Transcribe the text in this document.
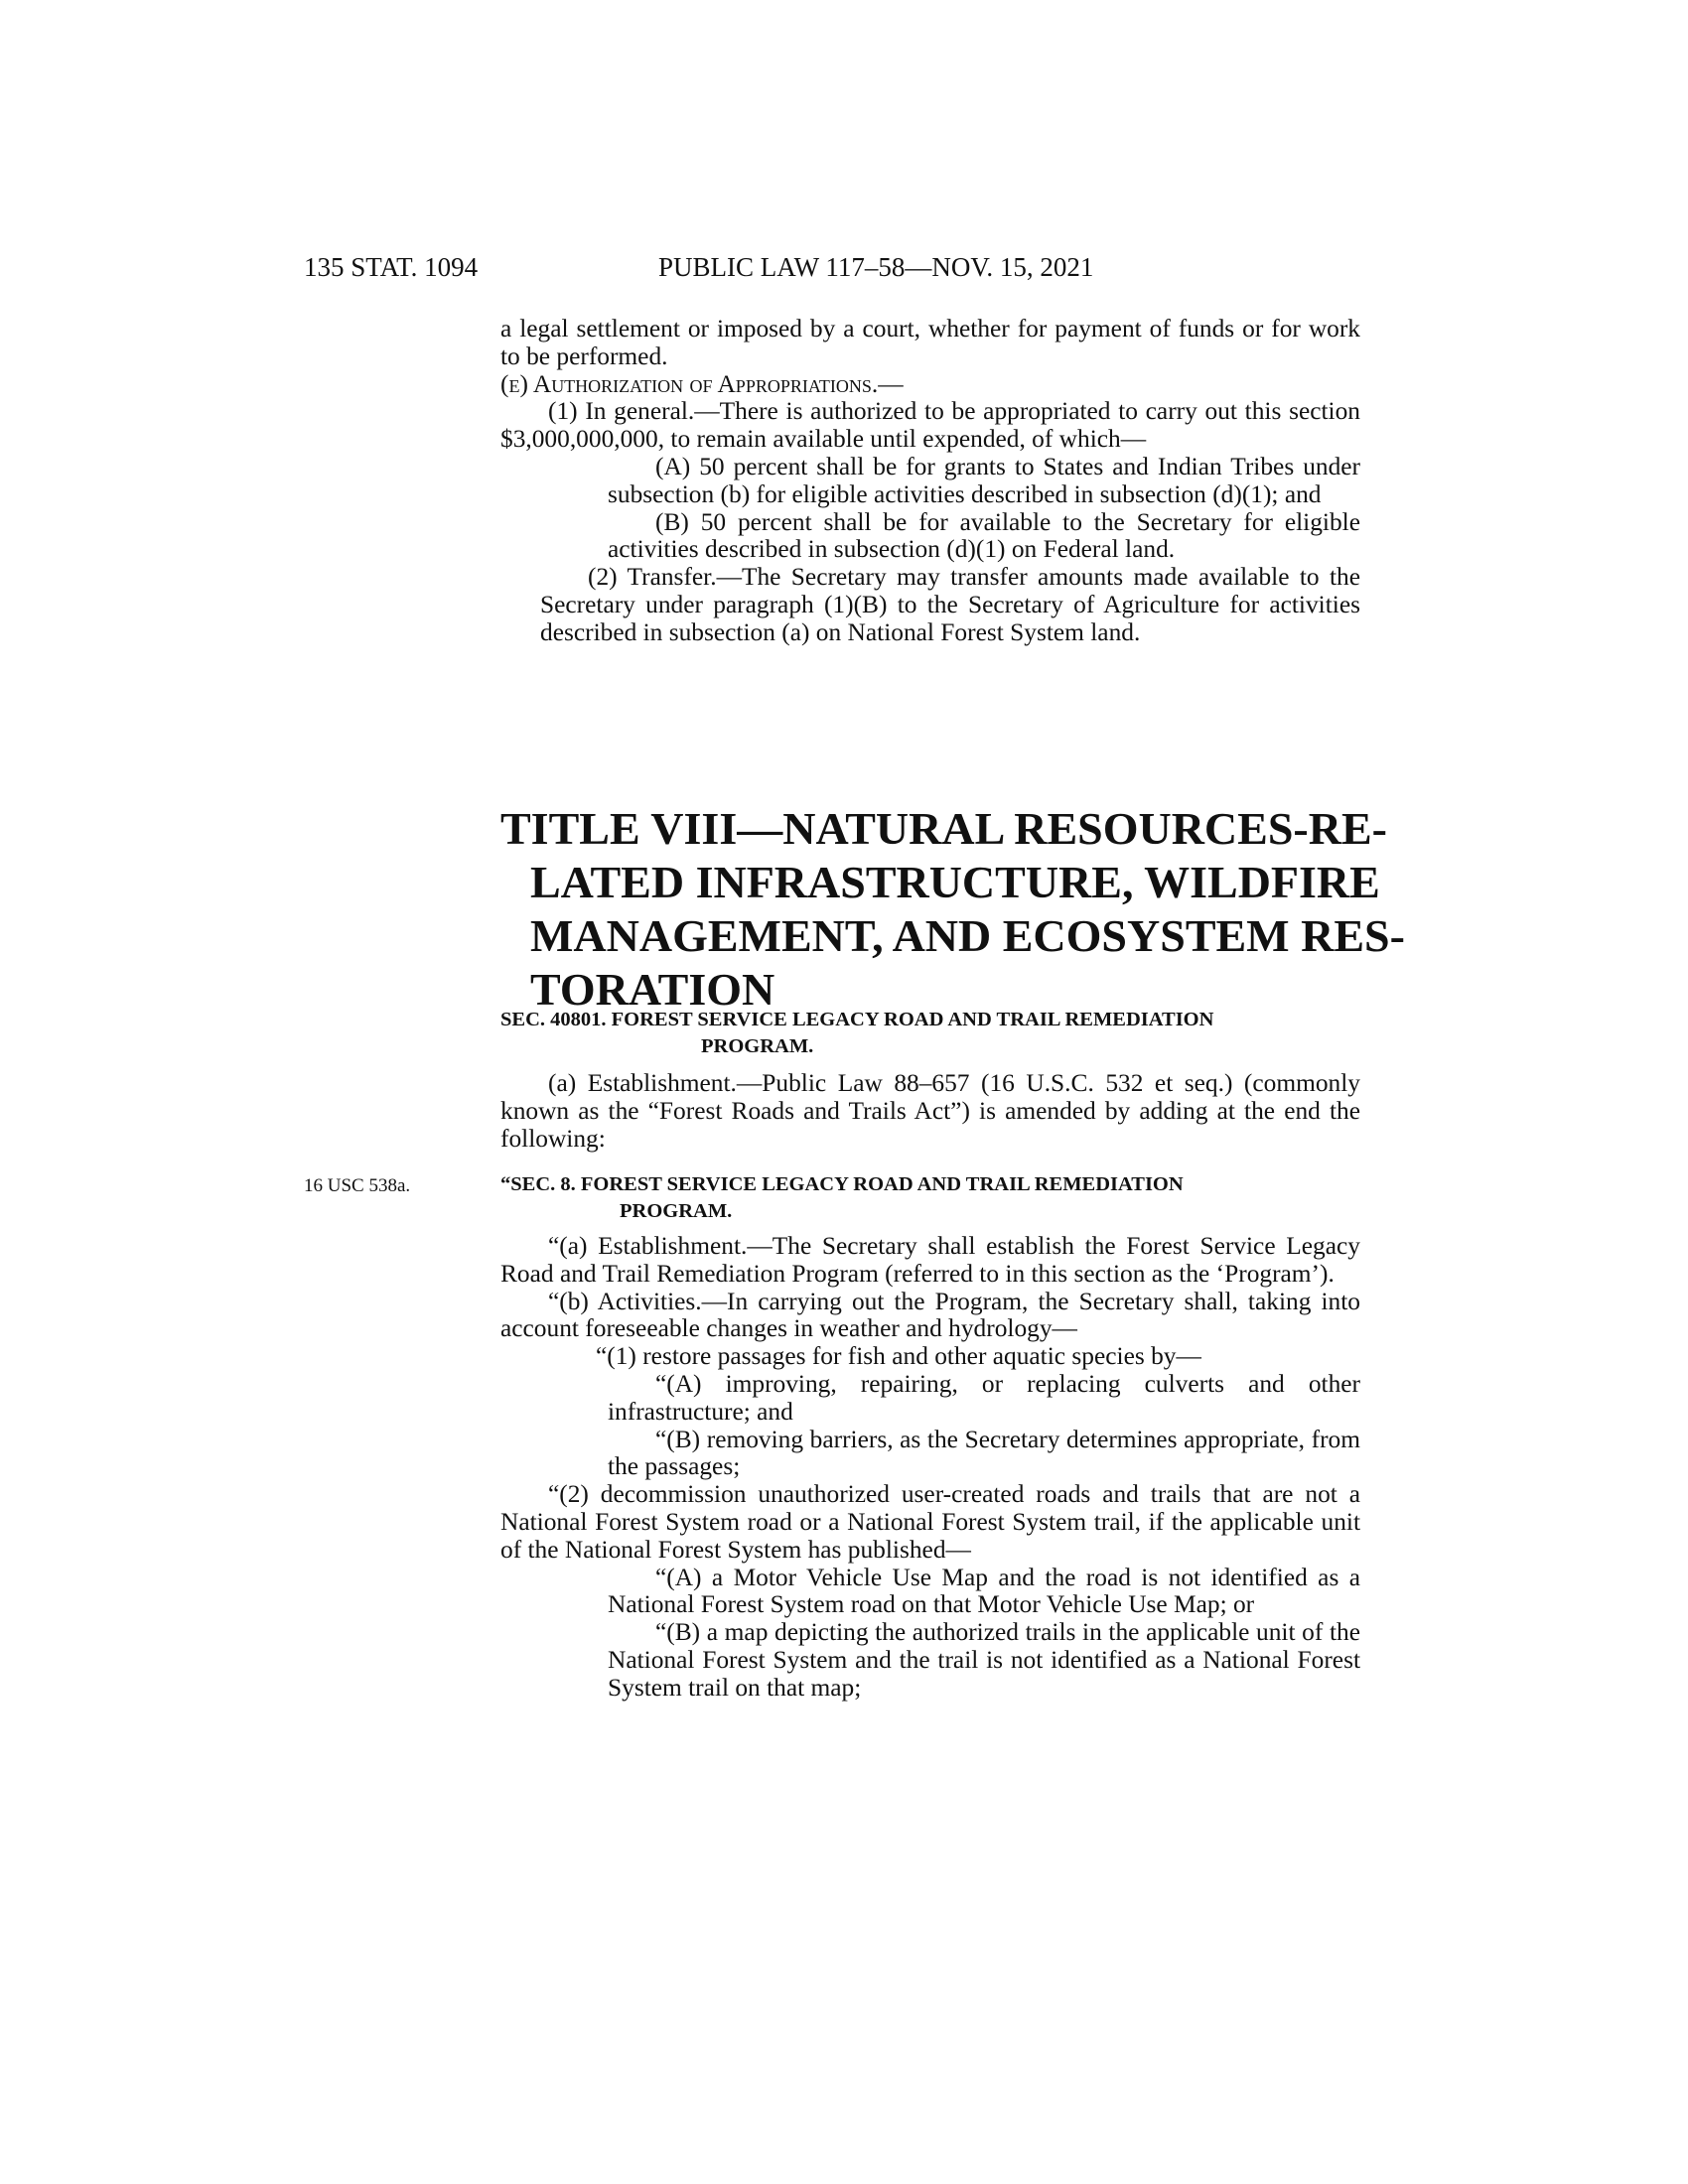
135 STAT. 1094	PUBLIC LAW 117–58—NOV. 15, 2021

a legal settlement or imposed by a court, whether for payment of funds or for work to be performed.

(e) Authorization of Appropriations.—

(1) In general.—There is authorized to be appropriated to carry out this section $3,000,000,000, to remain available until expended, of which—

(A) 50 percent shall be for grants to States and Indian Tribes under subsection (b) for eligible activities described in subsection (d)(1); and

(B) 50 percent shall be for available to the Secretary for eligible activities described in subsection (d)(1) on Federal land.

(2) Transfer.—The Secretary may transfer amounts made available to the Secretary under paragraph (1)(B) to the Secretary of Agriculture for activities described in subsection (a) on National Forest System land.

TITLE VIII—NATURAL RESOURCES-RE-
LATED INFRASTRUCTURE, WILDFIRE
MANAGEMENT, AND ECOSYSTEM RES-
TORATION
SEC. 40801. FOREST SERVICE LEGACY ROAD AND TRAIL REMEDIATION
PROGRAM.

(a) Establishment.—Public Law 88–657 (16 U.S.C. 532 et seq.) (commonly known as the “Forest Roads and Trails Act”) is amended by adding at the end the following:

16 USC 538a.	“SEC. 8. FOREST SERVICE LEGACY ROAD AND TRAIL REMEDIATION
PROGRAM.

“(a) Establishment.—The Secretary shall establish the Forest Service Legacy Road and Trail Remediation Program (referred to in this section as the ‘Program’).

“(b) Activities.—In carrying out the Program, the Secretary shall, taking into account foreseeable changes in weather and hydrology—

“(1) restore passages for fish and other aquatic species by—

“(A) improving, repairing, or replacing culverts and other infrastructure; and

“(B) removing barriers, as the Secretary determines appropriate, from the passages;

“(2) decommission unauthorized user-created roads and trails that are not a National Forest System road or a National Forest System trail, if the applicable unit of the National Forest System has published—

“(A) a Motor Vehicle Use Map and the road is not identified as a National Forest System road on that Motor Vehicle Use Map; or

“(B) a map depicting the authorized trails in the applicable unit of the National Forest System and the trail is not identified as a National Forest System trail on that map;
